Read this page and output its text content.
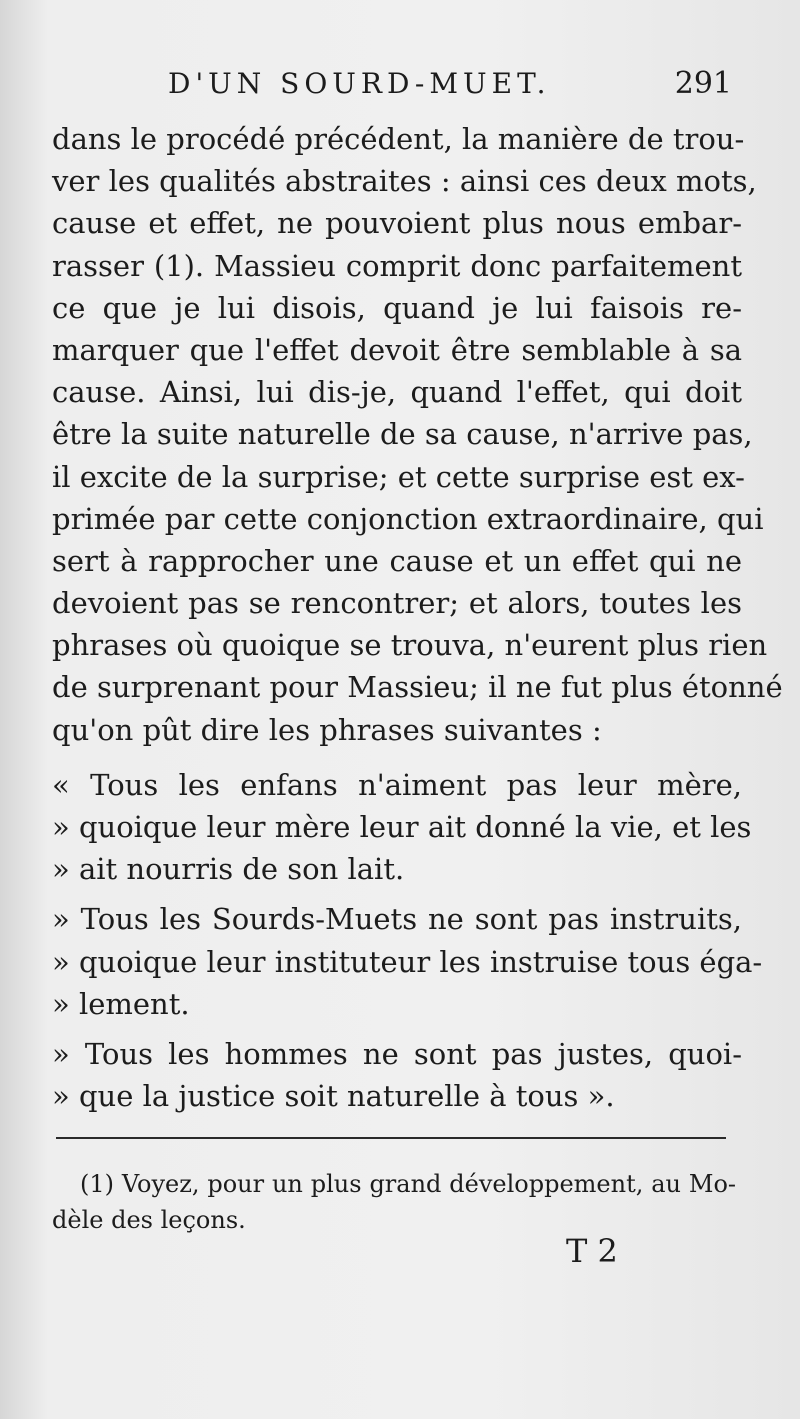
D'UN SOURD-MUET.	291
dans le procédé précédent, la manière de trou-
ver les qualités abstraites : ainsi ces deux mots,
cause et effet, ne pouvoient plus nous embar-
rasser (1). Massieu comprit donc parfaitement
ce que je lui disois, quand je lui faisois re-
marquer que l'effet devoit être semblable à sa
cause. Ainsi, lui dis-je, quand l'effet, qui doit
être la suite naturelle de sa cause, n'arrive pas,
il excite de la surprise; et cette surprise est ex-
primée par cette conjonction extraordinaire, qui
sert à rapprocher une cause et un effet qui ne
devoient pas se rencontrer; et alors, toutes les
phrases où quoique se trouva, n'eurent plus rien
de surprenant pour Massieu; il ne fut plus étonné
qu'on pût dire les phrases suivantes :
« Tous les enfans n'aiment pas leur mère,
» quoique leur mère leur ait donné la vie, et les
» ait nourris de son lait.
» Tous les Sourds-Muets ne sont pas instruits,
» quoique leur instituteur les instruise tous éga-
» lement.
» Tous les hommes ne sont pas justes, quoi-
» que la justice soit naturelle à tous ».
(1) Voyez, pour un plus grand développement, au Mo-
dèle des leçons.
T 2
